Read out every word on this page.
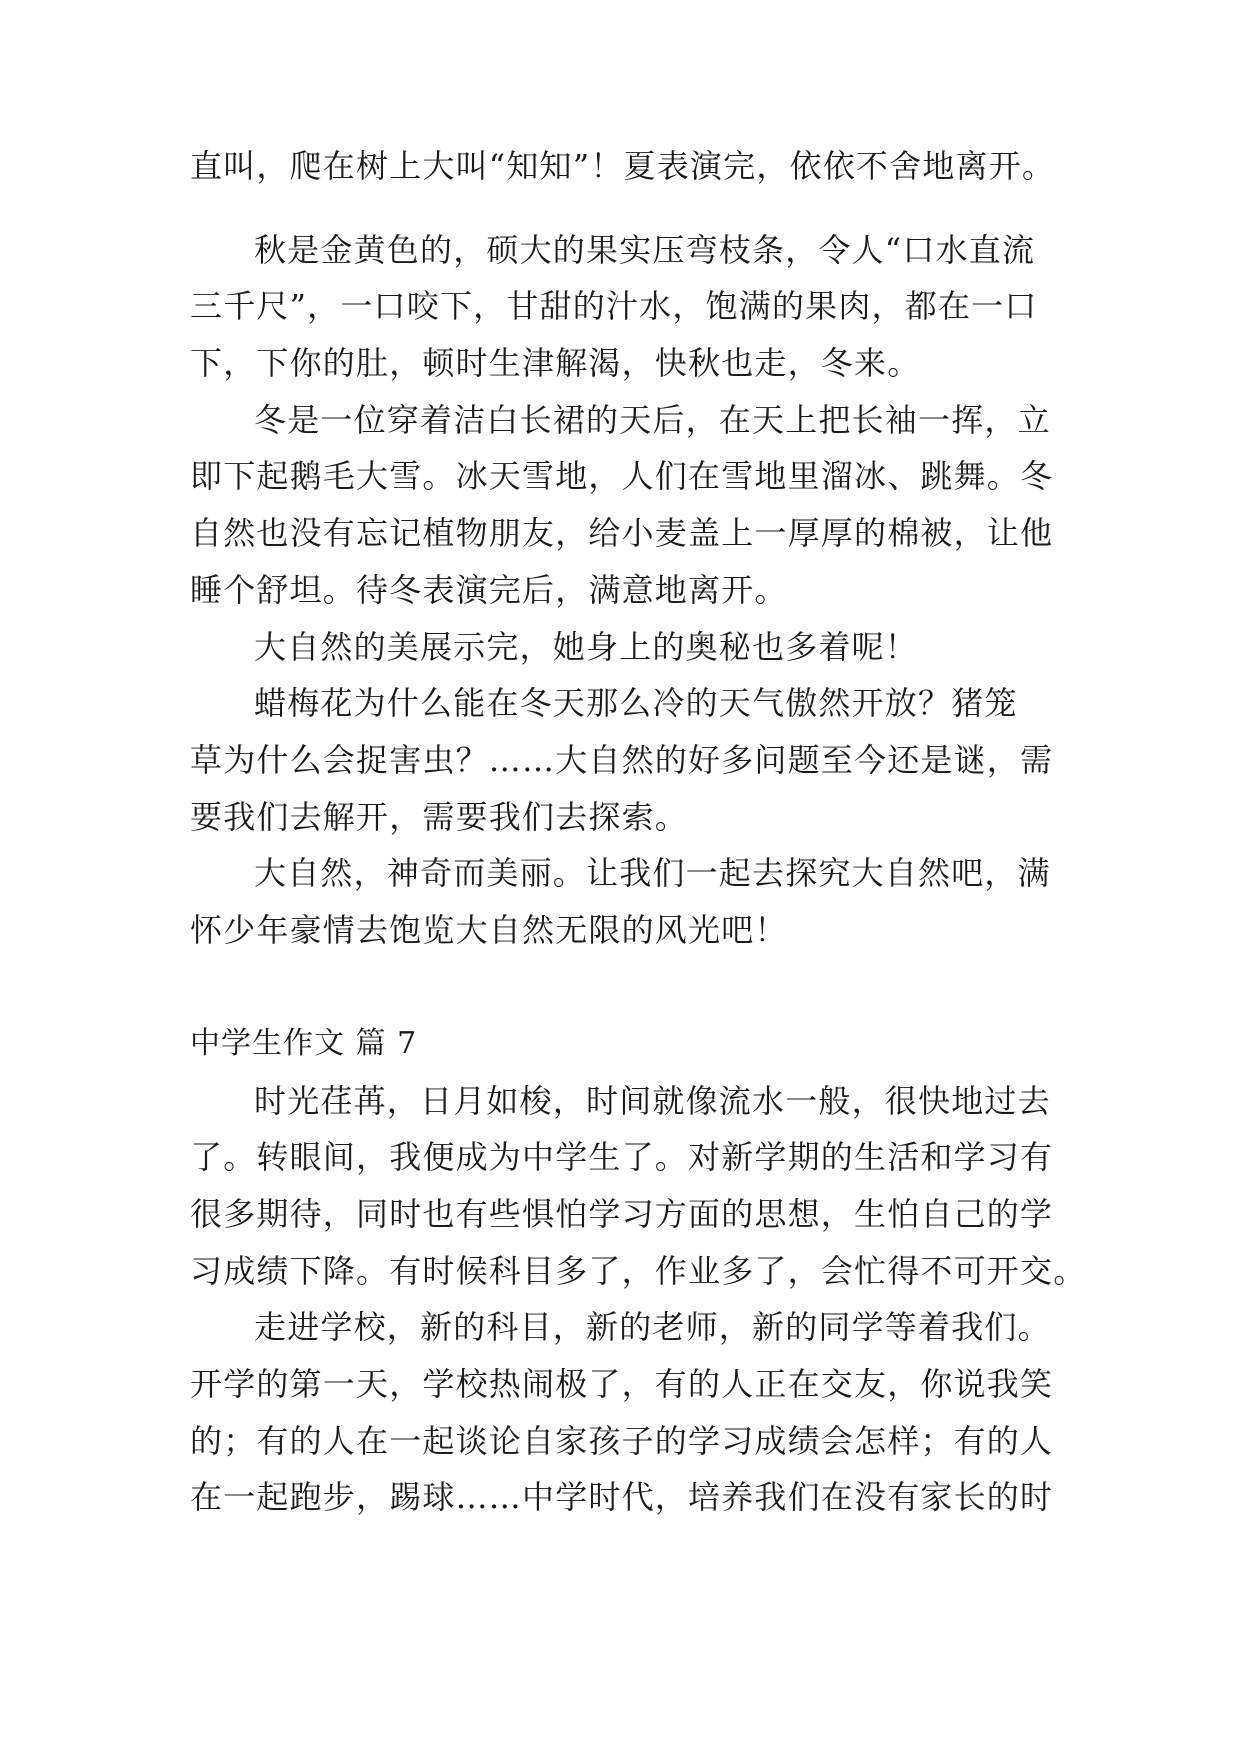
直叫，爬在树上大叫“知知”！夏表演完，依依不舍地离开。
秋是金黄色的，硕大的果实压弯枝条，令人“口水直流
三千尺”，一口咬下，甘甜的汁水，饱满的果肉，都在一口
下，下你的肚，顿时生津解渴，快秋也走，冬来。
冬是一位穿着洁白长裙的天后，在天上把长袖一挥，立
即下起鹅毛大雪。冰天雪地，人们在雪地里溜冰、跳舞。冬
自然也没有忘记植物朋友，给小麦盖上一厚厚的棉被，让他
睡个舒坦。待冬表演完后，满意地离开。
大自然的美展示完，她身上的奥秘也多着呢！
蜡梅花为什么能在冬天那么冷的天气傲然开放？猪笼
草为什么会捉害虫？……大自然的好多问题至今还是谜，需
要我们去解开，需要我们去探索。
大自然，神奇而美丽。让我们一起去探究大自然吧，满
怀少年豪情去饱览大自然无限的风光吧！
中学生作文 篇 7
时光荏苒，日月如梭，时间就像流水一般，很快地过去
了。转眼间，我便成为中学生了。对新学期的生活和学习有
很多期待，同时也有些惧怕学习方面的思想，生怕自己的学
习成绩下降。有时候科目多了，作业多了，会忙得不可开交。
走进学校，新的科目，新的老师，新的同学等着我们。
开学的第一天，学校热闹极了，有的人正在交友，你说我笑
的；有的人在一起谈论自家孩子的学习成绩会怎样；有的人
在一起跑步，踢球……中学时代，培养我们在没有家长的时
